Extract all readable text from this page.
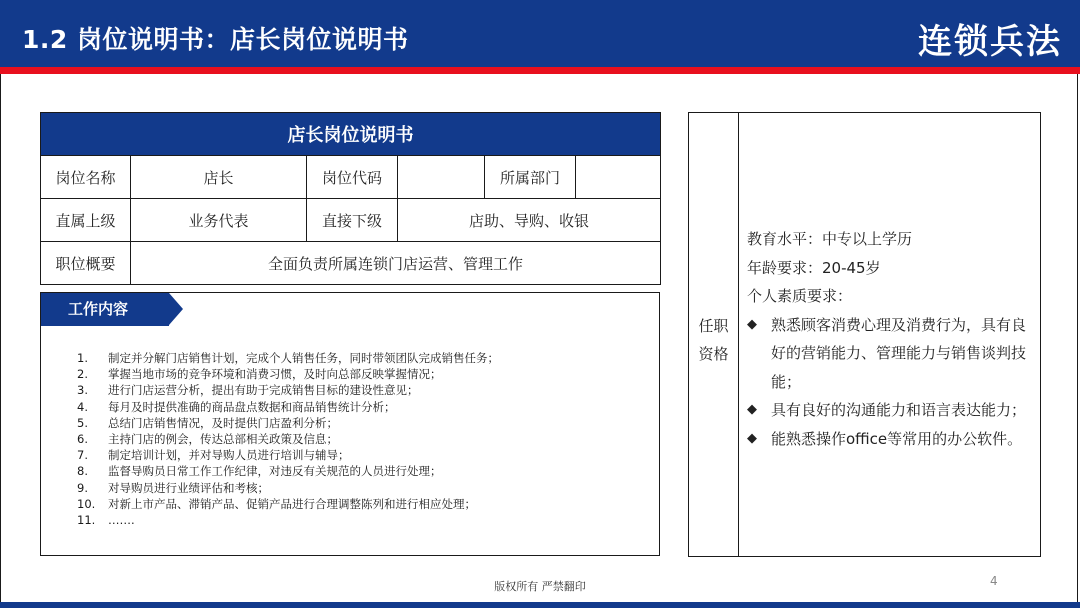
1.2 岗位说明书：店长岗位说明书	连锁兵法
店长岗位说明书					
岗位名称	店长	岗位代码		所属部门	
直属上级	业务代表	直接下级	店助、导购、收银		
职位概要	全面负责所属连锁门店运营、管理工作				
工作内容
1.	制定并分解门店销售计划，完成个人销售任务，同时带领团队完成销售任务；
2.	掌握当地市场的竞争环境和消费习惯，及时向总部反映掌握情况；
3.	进行门店运营分析，提出有助于完成销售目标的建设性意见；
4.	每月及时提供准确的商品盘点数据和商品销售统计分析；
5.	总结门店销售情况，及时提供门店盈利分析；
6.	主持门店的例会，传达总部相关政策及信息；
7.	制定培训计划，并对导购人员进行培训与辅导；
8.	监督导购员日常工作工作纪律，对违反有关规范的人员进行处理；
9.	对导购员进行业绩评估和考核；
10.	对新上市产品、滞销产品、促销产品进行合理调整陈列和进行相应处理；
11.	…….
任职
资格
教育水平：中专以上学历
年龄要求：20-45岁
个人素质要求：
◆ 熟悉顾客消费心理及消费行为，具有良好的营销能力、管理能力与销售谈判技能；
◆ 具有良好的沟通能力和语言表达能力；
◆ 能熟悉操作office等常用的办公软件。
版权所有 严禁翻印	4
